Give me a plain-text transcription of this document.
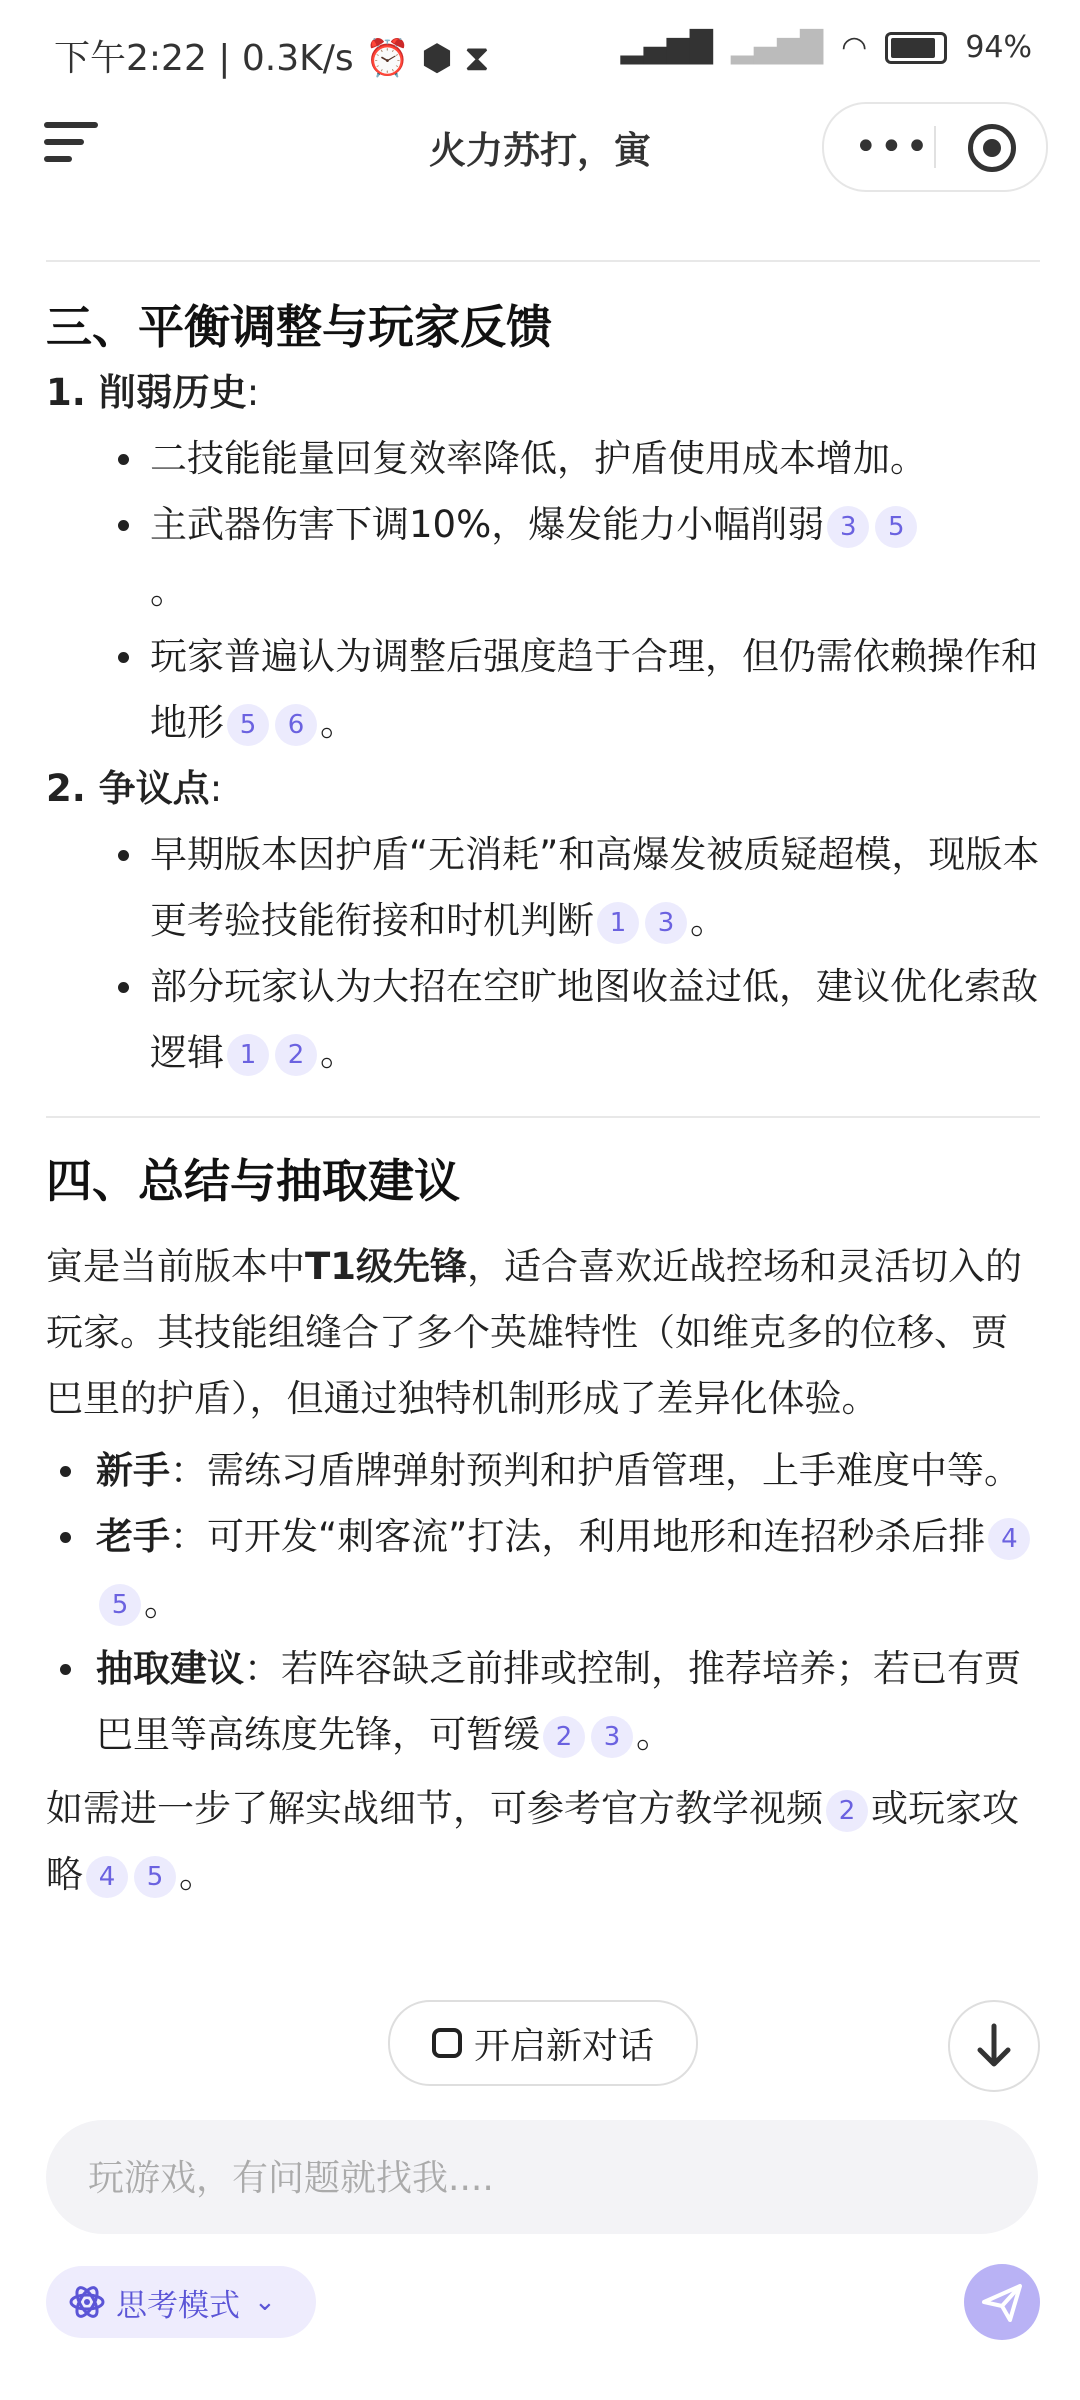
下午2:22 | 0.3K/s ⏰ ⬢ ⧗	▂▄▆█ ▂▄▆█ ◠	94%
火力苏打，寅	•••
三、平衡调整与玩家反馈
1. 削弱历史:
二技能能量回复效率降低，护盾使用成本增加。
主武器伤害下调10%，爆发能力小幅削弱 3 5
。
玩家普遍认为调整后强度趋于合理，但仍需依赖操作和地形 5 6 。
2. 争议点:
早期版本因护盾“无消耗”和高爆发被质疑超模，现版本更考验技能衔接和时机判断 1 3 。
部分玩家认为大招在空旷地图收益过低，建议优化索敌逻辑 1 2 。
四、总结与抽取建议
寅是当前版本中T1级先锋，适合喜欢近战控场和灵活切入的玩家。其技能组缝合了多个英雄特性（如维克多的位移、贾巴里的护盾），但通过独特机制形成了差异化体验。
新手：需练习盾牌弹射预判和护盾管理，上手难度中等。
老手：可开发“刺客流”打法，利用地形和连招秒杀后排 45 。
抽取建议：若阵容缺乏前排或控制，推荐培养；若已有贾巴里等高练度先锋，可暂缓 2 3 。
如需进一步了解实战细节，可参考官方教学视频 2 或玩家攻略 4 5 。
开启新对话
玩游戏，有问题就找我....
思考模式 ⌄
